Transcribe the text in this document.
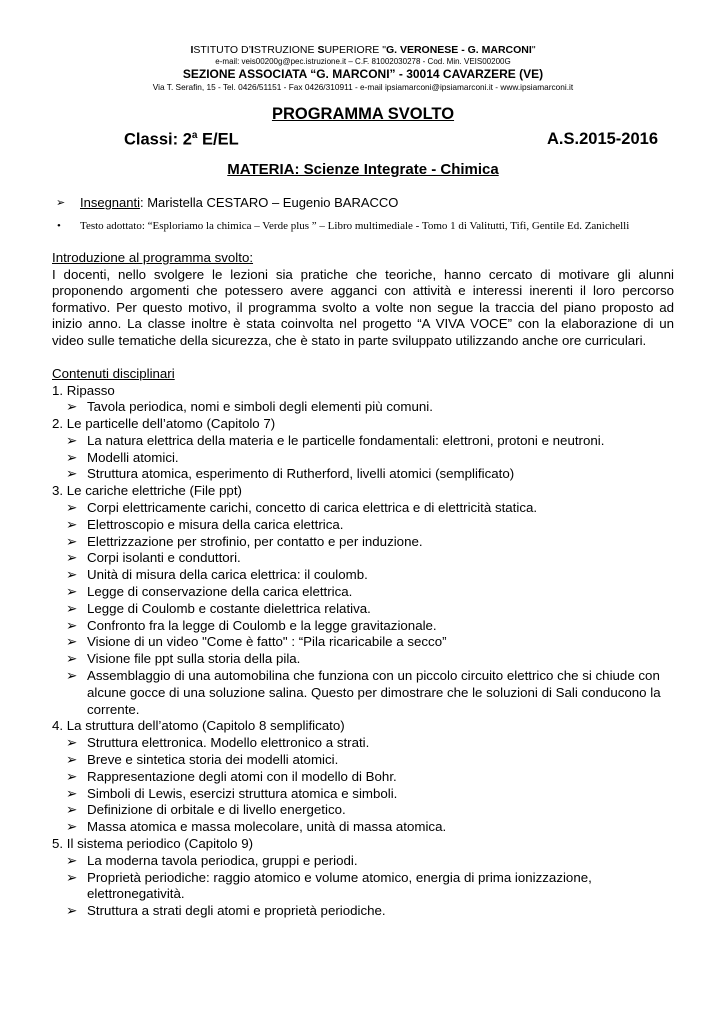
ISTITUTO D’ISTRUZIONE SUPERIORE "G. VERONESE - G. MARCONI"
e-mail: veis00200g@pec.istruzione.it – C.F. 81002030278 - Cod. Min. VEIS00200G
SEZIONE ASSOCIATA “G. MARCONI” - 30014 CAVARZERE (VE)
Via T. Serafin, 15 - Tel. 0426/51151 - Fax 0426/310911 - e-mail ipsiamarconi@ipsiamarconi.it - www.ipsiamarconi.it
PROGRAMMA SVOLTO
Classi: 2$^a$ E/EL	A.S.2015-2016
MATERIA: Scienze Integrate - Chimica
➢ Insegnanti: Maristella CESTARO – Eugenio BARACCO
• Testo adottato: “Esploriamo la chimica – Verde plus ” – Libro multimediale - Tomo 1 di Valitutti, Tifi, Gentile Ed. Zanichelli
Introduzione al programma svolto:

I docenti, nello svolgere le lezioni sia pratiche che teoriche, hanno cercato di motivare gli alunni proponendo argomenti che potessero avere agganci con attività e interessi inerenti il loro percorso formativo. Per questo motivo, il programma svolto a volte non segue la traccia del piano proposto ad inizio anno. La classe inoltre è stata coinvolta nel progetto “A VIVA VOCE” con la elaborazione di un video sulle tematiche della sicurezza, che è stato in parte sviluppato utilizzando anche ore curriculari.

Contenuti disciplinari
1. Ripasso
➢ Tavola periodica, nomi e simboli degli elementi più comuni.
2. Le particelle dell’atomo (Capitolo 7)
➢ La natura elettrica della materia e le particelle fondamentali: elettroni, protoni e neutroni.
➢ Modelli atomici.
➢ Struttura atomica, esperimento di Rutherford, livelli atomici (semplificato)
3. Le cariche elettriche (File ppt)
➢ Corpi elettricamente carichi, concetto di carica elettrica e di elettricità statica.
➢ Elettroscopio e misura della carica elettrica.
➢ Elettrizzazione per strofinio, per contatto e per induzione.
➢ Corpi isolanti e conduttori.
➢ Unità di misura della carica elettrica: il coulomb.
➢ Legge di conservazione della carica elettrica.
➢ Legge di Coulomb e costante dielettrica relativa.
➢ Confronto fra la legge di Coulomb e la legge gravitazionale.
➢ Visione di un video "Come è fatto" : “Pila ricaricabile a secco”
➢ Visione file ppt sulla storia della pila.
➢ Assemblaggio di una automobilina che funziona con un piccolo circuito elettrico che si chiude con alcune gocce di una soluzione salina. Questo per dimostrare che le soluzioni di Sali conducono la corrente.
4. La struttura dell’atomo (Capitolo 8 semplificato)
➢ Struttura elettronica. Modello elettronico a strati.
➢ Breve e sintetica storia dei modelli atomici.
➢ Rappresentazione degli atomi con il modello di Bohr.
➢ Simboli di Lewis, esercizi struttura atomica e simboli.
➢ Definizione di orbitale e di livello energetico.
➢ Massa atomica e massa molecolare, unità di massa atomica.
5. Il sistema periodico (Capitolo 9)
➢ La moderna tavola periodica, gruppi e periodi.
➢ Proprietà periodiche: raggio atomico e volume atomico, energia di prima ionizzazione, elettronegatività.
➢ Struttura a strati degli atomi e proprietà periodiche.
